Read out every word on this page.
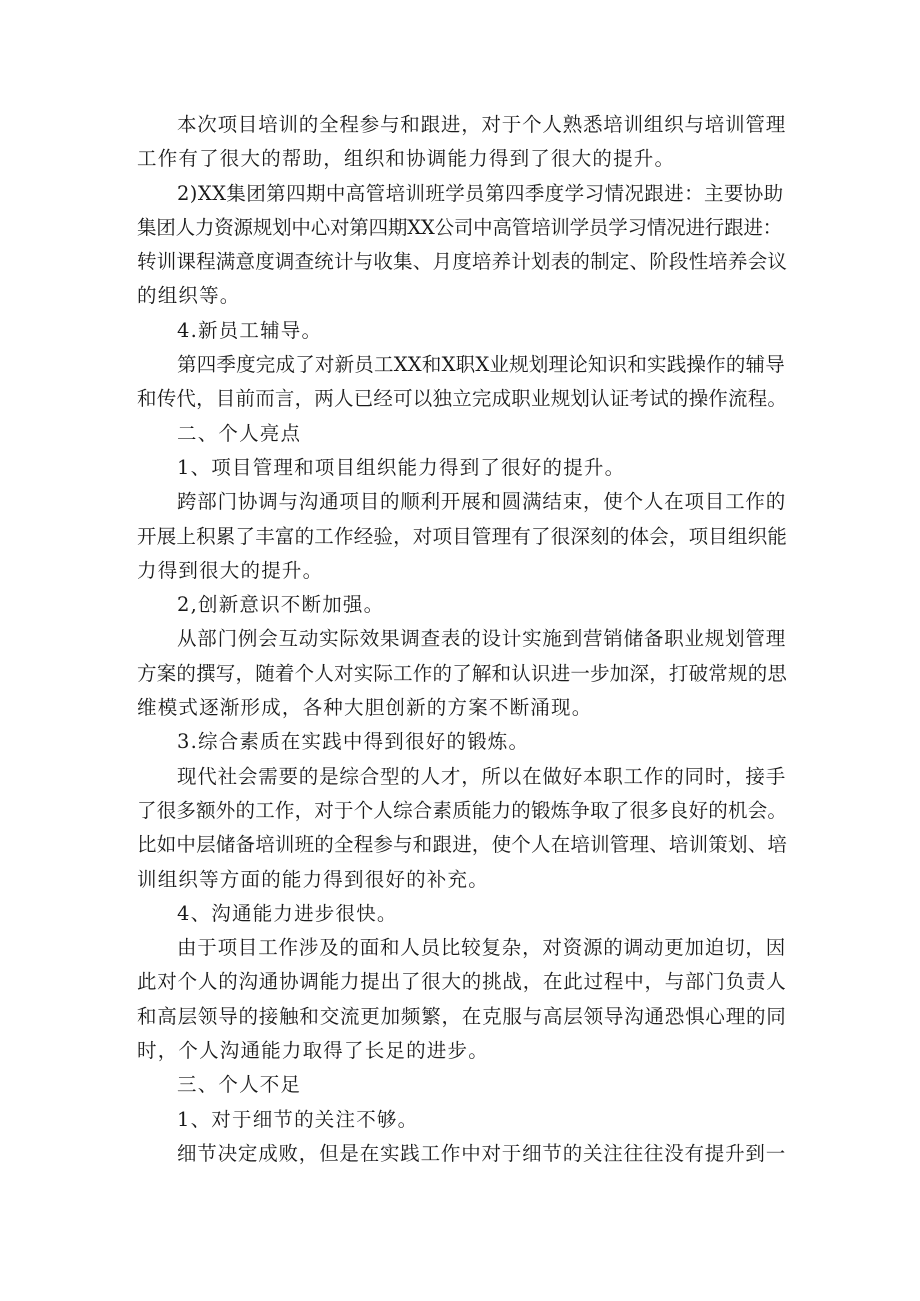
本次项目培训的全程参与和跟进，对于个人熟悉培训组织与培训管理
工作有了很大的帮助，组织和协调能力得到了很大的提升。
2)XX集团第四期中高管培训班学员第四季度学习情况跟进：主要协助
集团人力资源规划中心对第四期XX公司中高管培训学员学习情况进行跟进：
转训课程满意度调查统计与收集、月度培养计划表的制定、阶段性培养会议
的组织等。
4.新员工辅导。
第四季度完成了对新员工XX和X职X业规划理论知识和实践操作的辅导
和传代，目前而言，两人已经可以独立完成职业规划认证考试的操作流程。
二、个人亮点
1、项目管理和项目组织能力得到了很好的提升。
跨部门协调与沟通项目的顺利开展和圆满结束，使个人在项目工作的
开展上积累了丰富的工作经验，对项目管理有了很深刻的体会，项目组织能
力得到很大的提升。
2,创新意识不断加强。
从部门例会互动实际效果调查表的设计实施到营销储备职业规划管理
方案的撰写，随着个人对实际工作的了解和认识进一步加深，打破常规的思
维模式逐渐形成，各种大胆创新的方案不断涌现。
3.综合素质在实践中得到很好的锻炼。
现代社会需要的是综合型的人才，所以在做好本职工作的同时，接手
了很多额外的工作，对于个人综合素质能力的锻炼争取了很多良好的机会。
比如中层储备培训班的全程参与和跟进，使个人在培训管理、培训策划、培
训组织等方面的能力得到很好的补充。
4、沟通能力进步很快。
由于项目工作涉及的面和人员比较复杂，对资源的调动更加迫切，因
此对个人的沟通协调能力提出了很大的挑战，在此过程中，与部门负责人
和高层领导的接触和交流更加频繁，在克服与高层领导沟通恐惧心理的同
时，个人沟通能力取得了长足的进步。
三、个人不足
1、对于细节的关注不够。
细节决定成败，但是在实践工作中对于细节的关注往往没有提升到一
